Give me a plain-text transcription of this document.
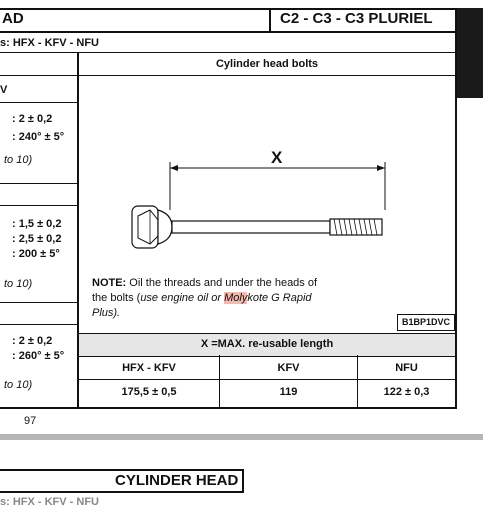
AD	C2 - C3 - C3 PLURIEL
s: HFX - KFV - NFU
V
: 2 ± 0,2
: 240° ± 5°
to 10)
: 1,5 ± 0,2
: 2,5 ± 0,2
: 200 ± 5°
to 10)
: 2 ± 0,2
: 260° ± 5°
to 10)
Cylinder head bolts
X
NOTE: Oil the threads and under the heads of
the bolts (use engine oil or Molykote G Rapid
Plus).
B1BP1DVC
X =MAX. re-usable length
HFX - KFV	KFV	NFU
175,5 ± 0,5	119	122 ± 0,3
97
CYLINDER HEAD
s: HFX - KFV - NFU
